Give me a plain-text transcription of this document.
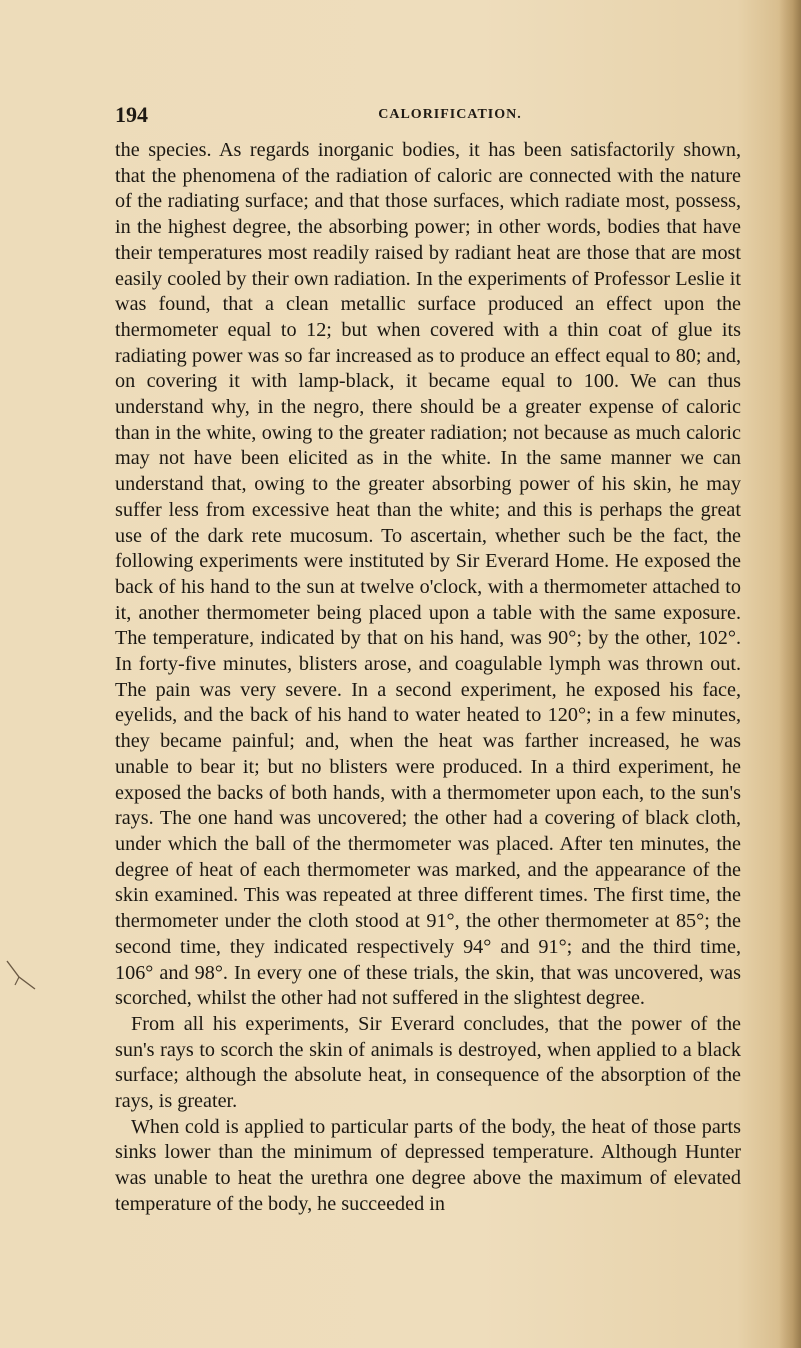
194	CALORIFICATION.

the species. As regards inorganic bodies, it has been satisfactorily shown, that the phenomena of the radiation of caloric are connected with the nature of the radiating surface; and that those surfaces, which radiate most, possess, in the highest degree, the absorbing power; in other words, bodies that have their temperatures most readily raised by radiant heat are those that are most easily cooled by their own radiation. In the experiments of Professor Leslie it was found, that a clean metallic surface produced an effect upon the thermometer equal to 12; but when covered with a thin coat of glue its radiating power was so far increased as to produce an effect equal to 80; and, on covering it with lamp-black, it became equal to 100. We can thus understand why, in the negro, there should be a greater expense of caloric than in the white, owing to the greater radiation; not because as much caloric may not have been elicited as in the white. In the same manner we can understand that, owing to the greater absorbing power of his skin, he may suffer less from excessive heat than the white; and this is perhaps the great use of the dark rete mucosum. To ascertain, whether such be the fact, the following experiments were instituted by Sir Everard Home. He exposed the back of his hand to the sun at twelve o'clock, with a thermometer attached to it, another thermometer being placed upon a table with the same exposure. The temperature, indicated by that on his hand, was 90°; by the other, 102°. In forty-five minutes, blisters arose, and coagulable lymph was thrown out. The pain was very severe. In a second experiment, he exposed his face, eyelids, and the back of his hand to water heated to 120°; in a few minutes, they became painful; and, when the heat was farther increased, he was unable to bear it; but no blisters were produced. In a third experiment, he exposed the backs of both hands, with a thermometer upon each, to the sun's rays. The one hand was uncovered; the other had a covering of black cloth, under which the ball of the thermometer was placed. After ten minutes, the degree of heat of each thermometer was marked, and the appearance of the skin examined. This was repeated at three different times. The first time, the thermometer under the cloth stood at 91°, the other thermometer at 85°; the second time, they indicated respectively 94° and 91°; and the third time, 106° and 98°. In every one of these trials, the skin, that was uncovered, was scorched, whilst the other had not suffered in the slightest degree.

From all his experiments, Sir Everard concludes, that the power of the sun's rays to scorch the skin of animals is destroyed, when applied to a black surface; although the absolute heat, in consequence of the absorption of the rays, is greater.

When cold is applied to particular parts of the body, the heat of those parts sinks lower than the minimum of depressed temperature. Although Hunter was unable to heat the urethra one degree above the maximum of elevated temperature of the body, he succeeded in
